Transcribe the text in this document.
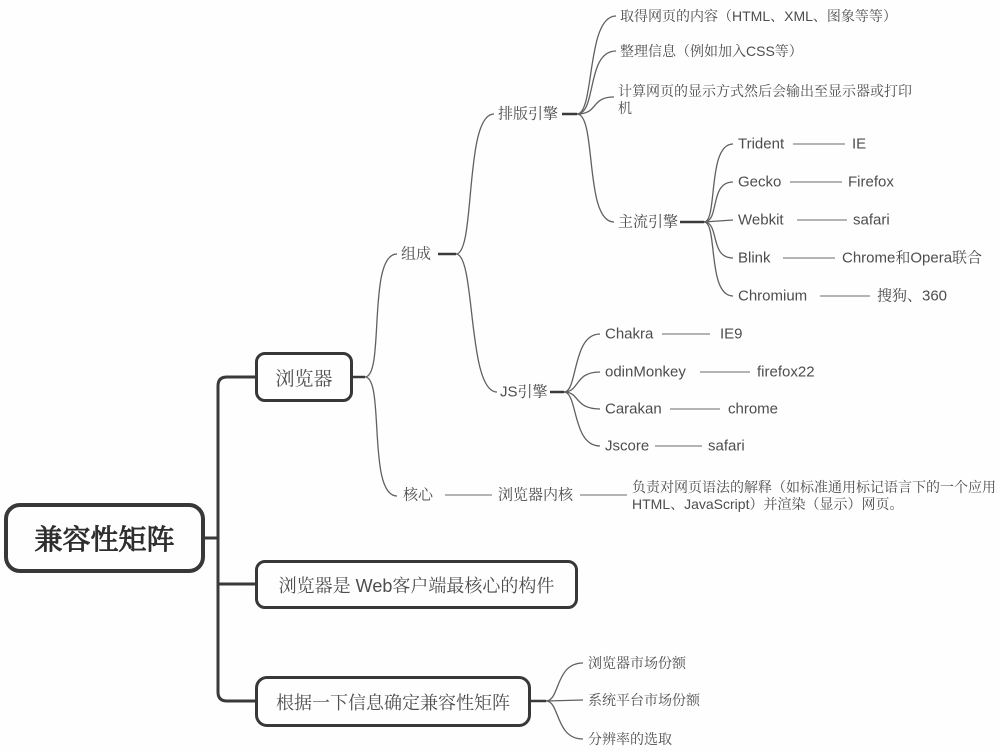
兼容性矩阵
浏览器
浏览器是 Web客户端最核心的构件
根据一下信息确定兼容性矩阵
组成
核心
排版引擎
JS引擎
取得网页的内容（HTML、XML、图象等等）
整理信息（例如加入CSS等）
计算网页的显示方式然后会输出至显示器或打印机
主流引擎
Trident	IE
Gecko	Firefox
Webkit	safari
Blink	Chrome和Opera联合
Chromium	搜狗、360
Chakra	IE9
odinMonkey	firefox22
Carakan	chrome
Jscore	safari
浏览器内核	负责对网页语法的解释（如标准通用标记语言下的一个应用HTML、JavaScript）并渲染（显示）网页。
浏览器市场份额
系统平台市场份额
分辨率的选取
